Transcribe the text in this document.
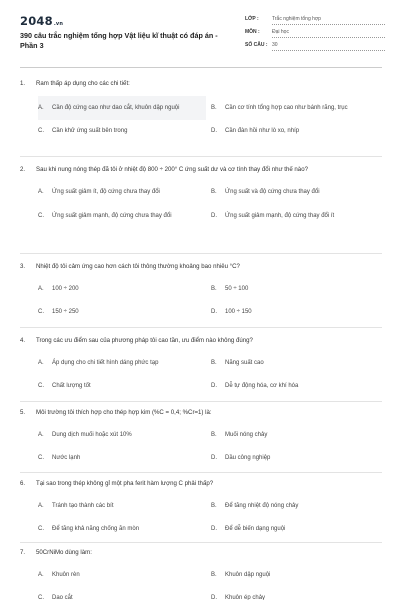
2048.vn
390 câu trắc nghiệm tổng hợp Vật liệu kĩ thuật có đáp án - Phần 3
LỚP :	Trắc nghiệm tổng hợp
MÔN : Đại học
SỐ CÂU : 30
1. Ram thấp áp dụng cho các chi tiết:
A.	Cần độ cứng cao như dao cắt, khuôn dập nguội	B.	Cần cơ tính tổng hợp cao như bánh răng, trục
C.	Cần khử ứng suất bên trong	D.	Cần đàn hồi như lò xo, nhíp
2. Sau khi nung nóng thép đã tôi ở nhiệt độ 800 ÷ 200° C ứng suất dư và cơ tính thay đổi như thế nào?
A.	Ứng suất giảm ít, độ cứng chưa thay đổi	B.	Ứng suất và độ cứng chưa thay đổi
C.	Ứng suất giảm mạnh, độ cứng chưa thay đổi	D.	Ứng suất giảm mạnh, độ cứng thay đổi ít
3. Nhiệt độ tôi cảm ứng cao hơn cách tôi thông thường khoảng bao nhiêu °C?
A.	100 ÷ 200	B.	50 ÷ 100
C.	150 ÷ 250	D.	100 ÷ 150
4. Trong các ưu điểm sau của phương pháp tôi cao tần, ưu điểm nào không đúng?
A.	Áp dụng cho chi tiết hình dáng phức tạp	B.	Năng suất cao
C.	Chất lượng tốt	D.	Dễ tự động hóa, cơ khí hóa
5. Môi trường tôi thích hợp cho thép hợp kim (%C = 0,4; %Cr=1) là:
A.	Dung dịch muối hoặc xút 10%	B.	Muối nóng chảy
C.	Nước lạnh	D.	Dầu công nghiệp
6. Tại sao trong thép không gỉ một pha ferit hàm lượng C phải thấp?
A.	Tránh tạo thành các bít	B.	Để tăng nhiệt độ nóng chảy
C.	Để tăng khả năng chống ăn mòn	D.	Để dễ biến dạng nguội
7. 50CrNiMo dùng làm:
A.	Khuôn rèn	B.	Khuôn dập nguội
C.	Dao cắt	D.	Khuôn ép chảy
